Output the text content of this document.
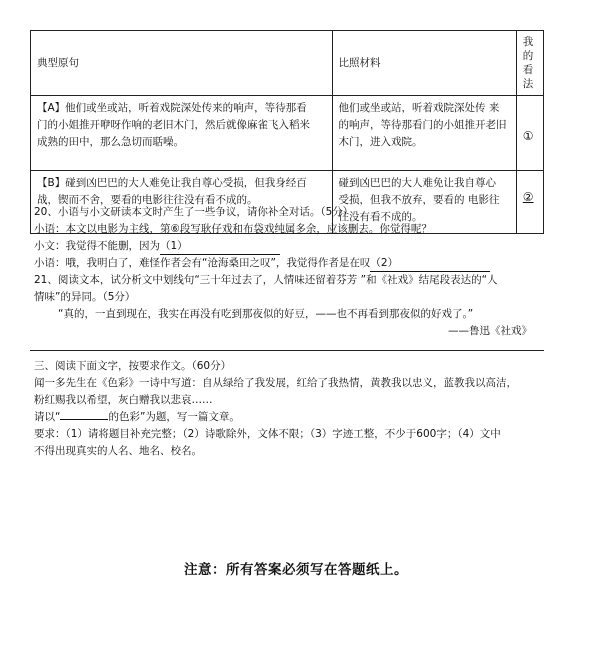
典型原句	比照材料	我的
看法
【A】他们或坐或站，听着戏院深处传来的响声，等待那看
门的小姐推开咿呀作响的老旧木门，然后就像麻雀飞入稻米
成熟的田中，那么急切而聒噪。	他们或坐或站，听着戏院深处传 来
的响声，等待那看门的小姐推开老旧
木门，进入戏院。	①
【B】碰到凶巴巴的大人难免让我自尊心受损，但我身经百
战，锲而不舍，要看的电影往往没有看不成的。	碰到凶巴巴的大人难免让我自尊心
受损，但我不放弃，要看的 电影往
往没有看不成的。	②
20、小语与小文研读本文时产生了一些争议，请你补全对话。（5分）
小语：本文以电影为主线，第⑥段写耿仔戏和布袋戏纯属多余，应该删去。你觉得呢？
小文：我觉得不能删，因为（1）
小语：哦，我明白了，难怪作者会有“沧海桑田之叹”，我觉得作者是在叹（2）
21、阅读文本，试分析文中划线句“三十年过去了，人情味还留着芬芳 ”和《社戏》结尾段表达的“人
情味”的异同。（5分）
“真的，一直到现在，我实在再没有吃到那夜似的好豆，——也不再看到那夜似的好戏了。”
——鲁迅《社戏》
三、阅读下面文字，按要求作文。（60分）
闻一多先生在《色彩》一诗中写道：自从绿给了我发展，红给了我热情，黄教我以忠义，蓝教我以高洁，
粉红赐我以希望，灰白赠我以悲哀……
请以“	的色彩”为题，写一篇文章。
要求：（1）请将题目补充完整；（2）诗歌除外，文体不限；（3）字迹工整，不少于600字；（4）文中
不得出现真实的人名、地名、校名。
注意：所有答案必须写在答题纸上。
